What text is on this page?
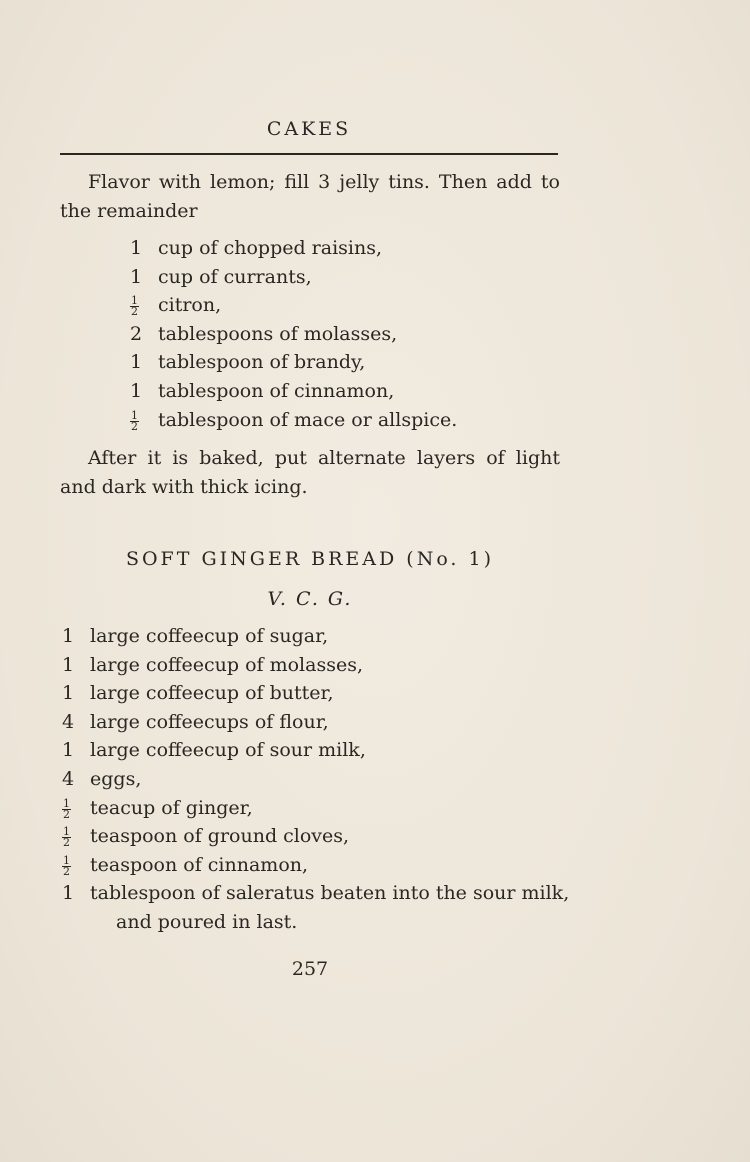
CAKES
Flavor with lemon; fill 3 jelly tins. Then add to the remainder
1 cup of chopped raisins,
1 cup of currants,
$\frac{1}{2}$ citron,
2 tablespoons of molasses,
1 tablespoon of brandy,
1 tablespoon of cinnamon,
$\frac{1}{2}$ tablespoon of mace or allspice.
After it is baked, put alternate layers of light and dark with thick icing.
SOFT GINGER BREAD (No. 1)
V. C. G.
1 large coffeecup of sugar,
1 large coffeecup of molasses,
1 large coffeecup of butter,
4 large coffeecups of flour,
1 large coffeecup of sour milk,
4 eggs,
$\frac{1}{2}$ teacup of ginger,
$\frac{1}{2}$ teaspoon of ground cloves,
$\frac{1}{2}$ teaspoon of cinnamon,
1 tablespoon of saleratus beaten into the sour milk,
and poured in last.
257
